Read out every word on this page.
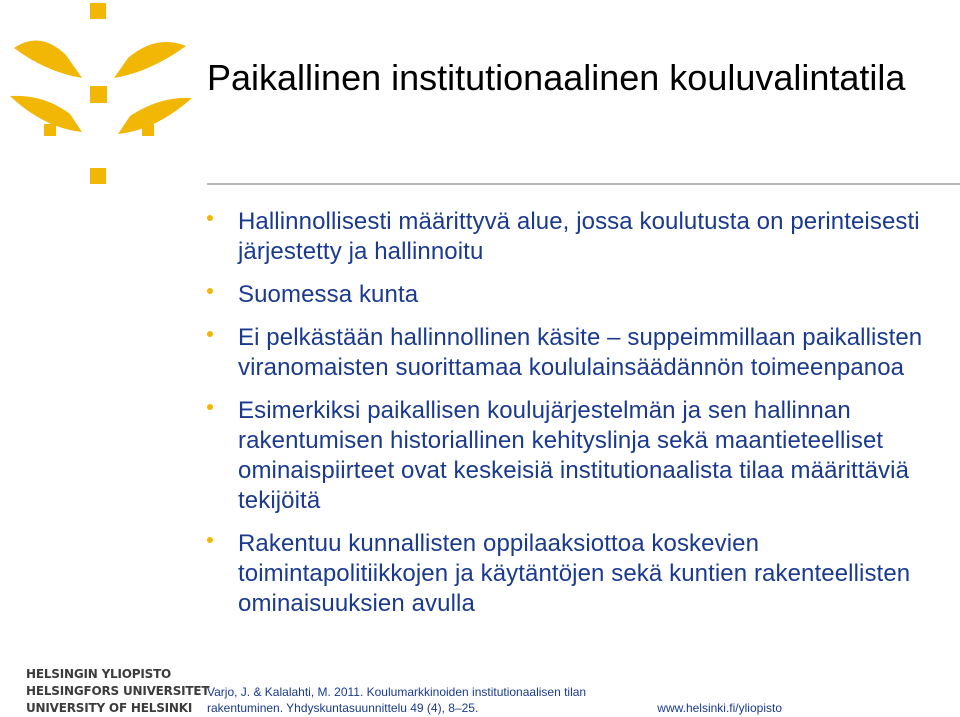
Paikallinen institutionaalinen kouluvalintatila
Hallinnollisesti määrittyvä alue, jossa koulutusta on perinteisesti järjestetty ja hallinnoitu
Suomessa kunta
Ei pelkästään hallinnollinen käsite – suppeimmillaan paikallisten viranomaisten suorittamaa koululainsäädännön toimeenpanoa
Esimerkiksi paikallisen koulujärjestelmän ja sen hallinnan rakentumisen historiallinen kehityslinja sekä maantieteelliset ominaispiirteet ovat keskeisiä institutionaalista tilaa määrittäviä tekijöitä
Rakentuu kunnallisten oppilaaksiottoa koskevien toimintapolitiikkojen ja käytäntöjen sekä kuntien rakenteellisten ominaisuuksien avulla
HELSINGIN YLIOPISTO
HELSINGFORS UNIVERSITET
UNIVERSITY OF HELSINKI
Varjo, J. & Kalalahti, M. 2011. Koulumarkkinoiden institutionaalisen tilan
rakentuminen. Yhdyskuntasuunnittelu 49 (4), 8–25.	www.helsinki.fi/yliopisto
